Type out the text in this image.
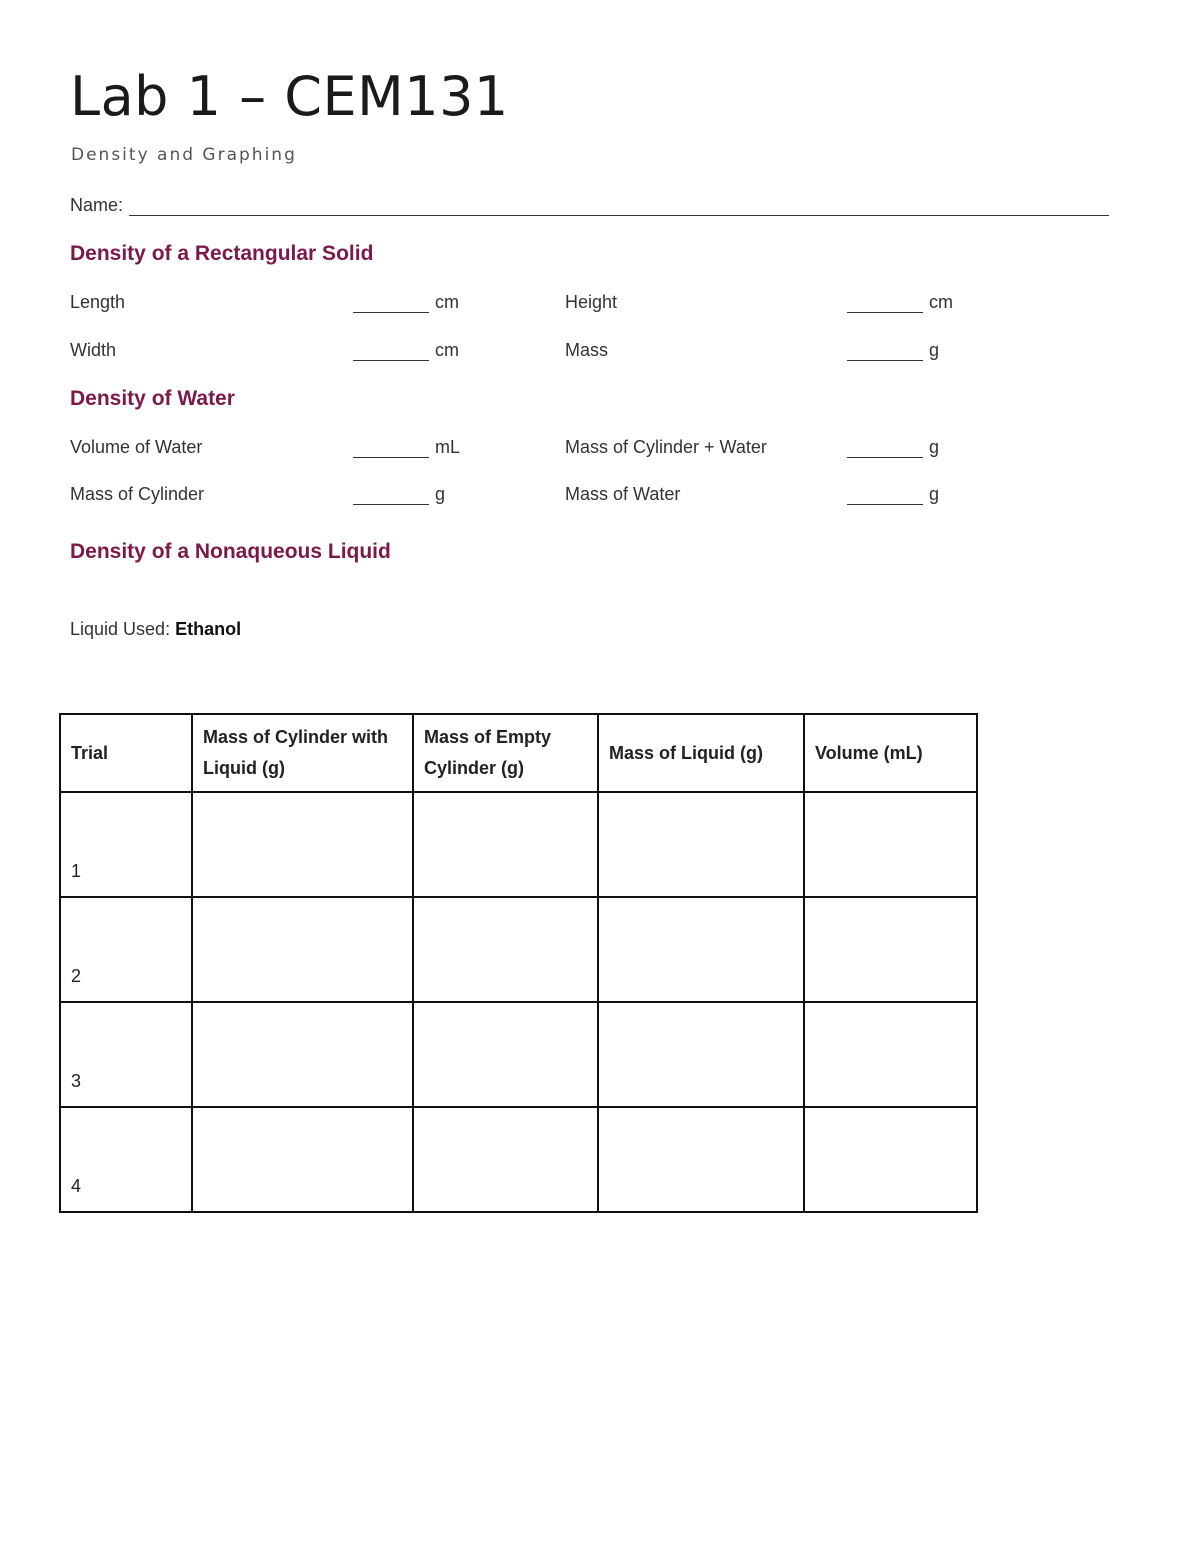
Lab 1 – CEM131
Density and Graphing
Name:
Density of a Rectangular Solid
Length	cm	Height	cm
Width	cm	Mass	g
Density of Water
Volume of Water	mL	Mass of Cylinder + Water	g
Mass of Cylinder	g	Mass of Water	g
Density of a Nonaqueous Liquid
Liquid Used: Ethanol
Trial	Mass of Cylinder with Liquid (g)	Mass of Empty Cylinder (g)	Mass of Liquid (g)	Volume (mL)
1				
2				
3				
4				
